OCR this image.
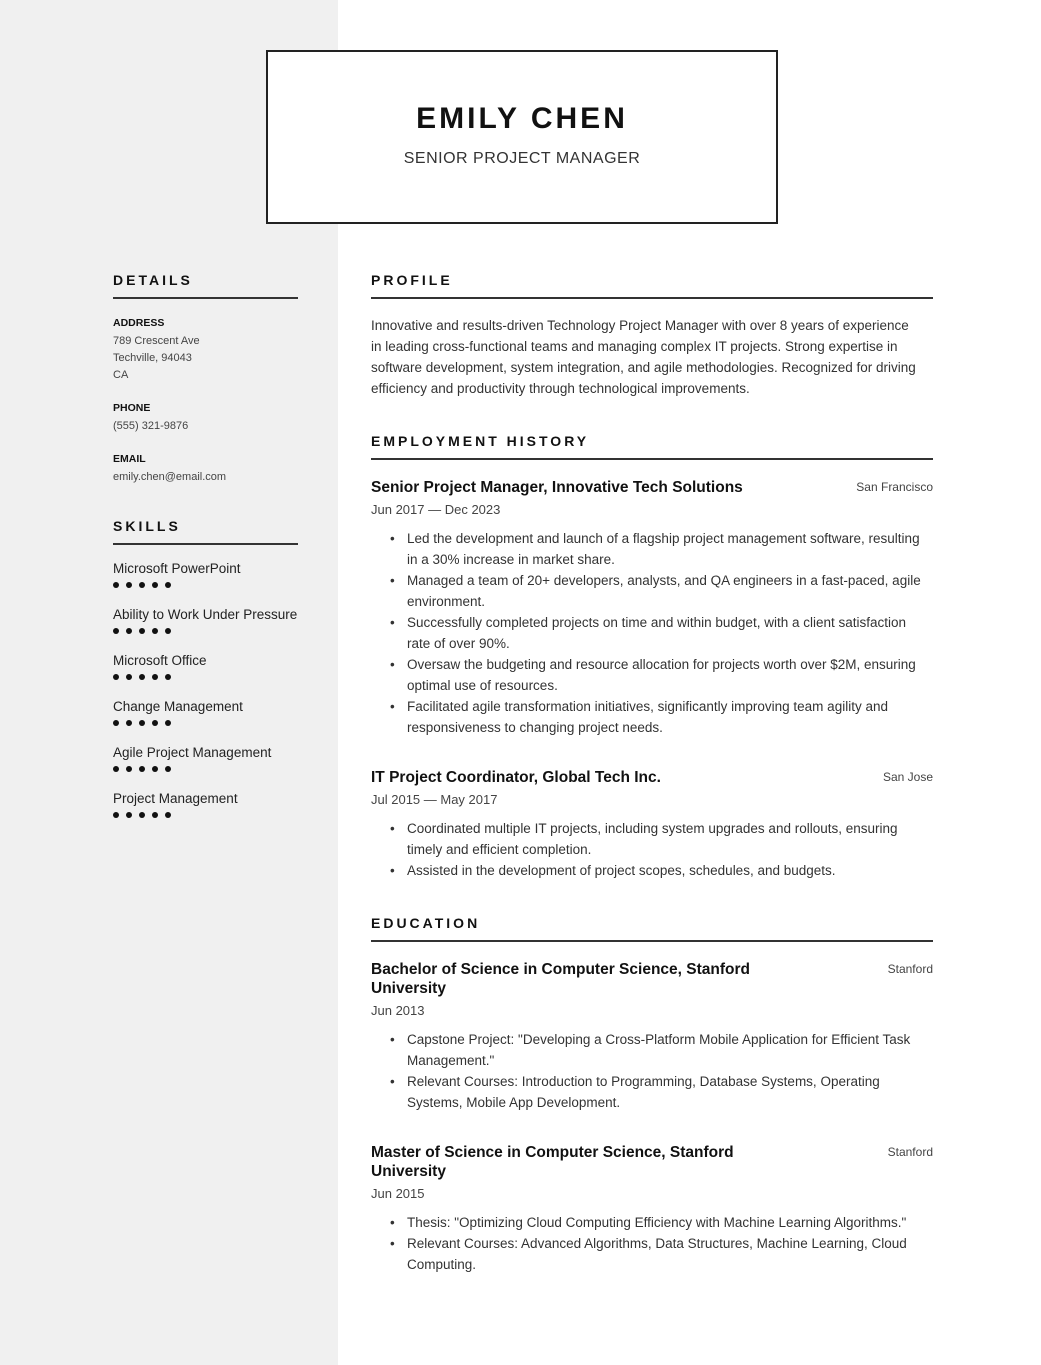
EMILY CHEN
SENIOR PROJECT MANAGER
DETAILS
ADDRESS
789 Crescent Ave
Techville, 94043
CA
PHONE
(555) 321-9876
EMAIL
emily.chen@email.com
SKILLS
Microsoft PowerPoint
Ability to Work Under Pressure
Microsoft Office
Change Management
Agile Project Management
Project Management
PROFILE
Innovative and results-driven Technology Project Manager with over 8 years of experience in leading cross-functional teams and managing complex IT projects. Strong expertise in software development, system integration, and agile methodologies. Recognized for driving efficiency and productivity through technological improvements.
EMPLOYMENT HISTORY
Senior Project Manager, Innovative Tech Solutions	San Francisco
Jun 2017 — Dec 2023
• Led the development and launch of a flagship project management software, resulting in a 30% increase in market share.
• Managed a team of 20+ developers, analysts, and QA engineers in a fast-paced, agile environment.
• Successfully completed projects on time and within budget, with a client satisfaction rate of over 90%.
• Oversaw the budgeting and resource allocation for projects worth over $2M, ensuring optimal use of resources.
• Facilitated agile transformation initiatives, significantly improving team agility and responsiveness to changing project needs.
IT Project Coordinator, Global Tech Inc.	San Jose
Jul 2015 — May 2017
• Coordinated multiple IT projects, including system upgrades and rollouts, ensuring timely and efficient completion.
• Assisted in the development of project scopes, schedules, and budgets.
EDUCATION
Bachelor of Science in Computer Science, Stanford University
Stanford
Jun 2013
• Capstone Project: "Developing a Cross-Platform Mobile Application for Efficient Task Management."
• Relevant Courses: Introduction to Programming, Database Systems, Operating Systems, Mobile App Development.
Master of Science in Computer Science, Stanford University
Stanford
Jun 2015
• Thesis: "Optimizing Cloud Computing Efficiency with Machine Learning Algorithms."
• Relevant Courses: Advanced Algorithms, Data Structures, Machine Learning, Cloud Computing.
